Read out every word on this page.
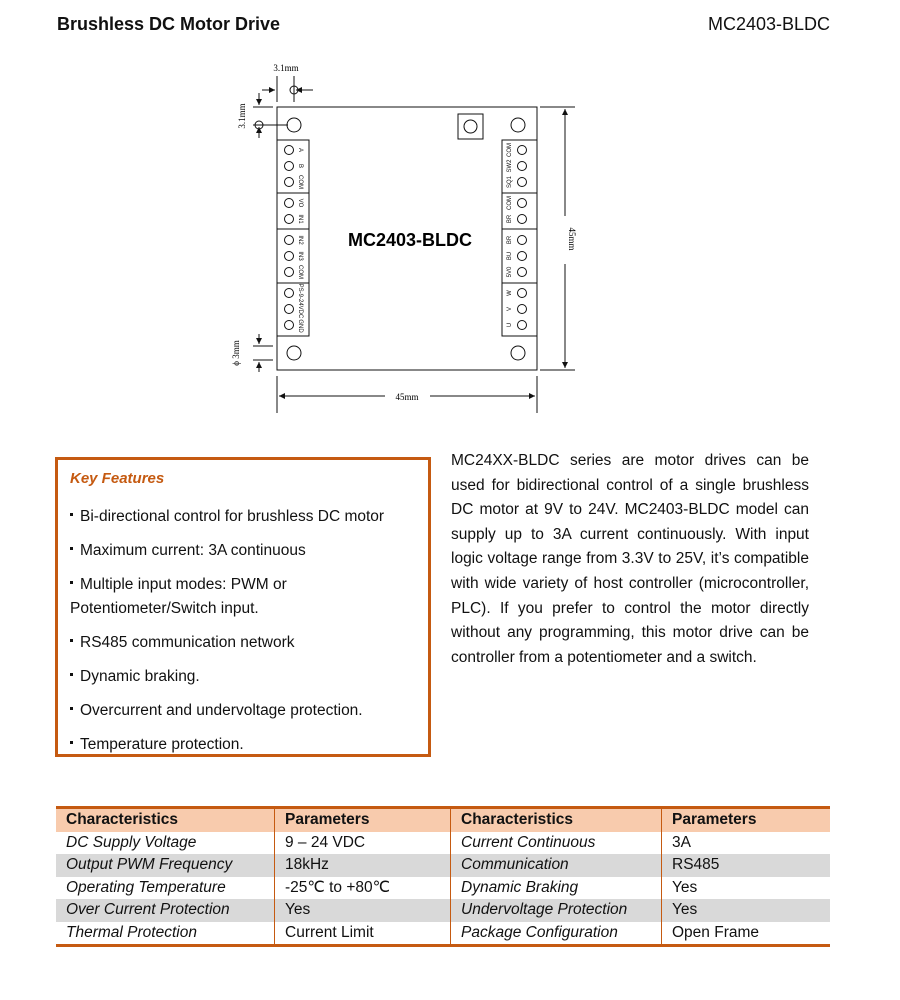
Brushless DC Motor Drive	MC2403-BLDC
3.1mm
3.1mm
ϕ 3mm
45mm
45mm
MC2403-BLDC
A
B
COM
VO
IN1
IN2
IN3
COM
PS-9-24VDC
GND
COM
SW2
SQ1
COM
BR
BR
BU
5V0
W
V
U
Key Features
Bi-directional control for brushless DC motor
Maximum current: 3A continuous
Multiple input modes: PWM or Potentiometer/Switch input.
RS485 communication network
Dynamic braking.
Overcurrent and undervoltage protection.
Temperature protection.
MC24XX-BLDC series are motor drives can be used for bidirectional control of a single brushless DC motor at 9V to 24V. MC2403-BLDC model can supply up to 3A current continuously. With input logic voltage range from 3.3V to 25V, it’s compatible with wide variety of host controller (microcontroller, PLC). If you prefer to control the motor directly without any programming, this motor drive can be controller from a potentiometer and a switch.
Characteristics	Parameters	Characteristics	Parameters
DC Supply Voltage	9 – 24 VDC	Current Continuous	3A
Output PWM Frequency	18kHz	Communication	RS485
Operating Temperature	-25℃ to +80℃	Dynamic Braking	Yes
Over Current Protection	Yes	Undervoltage Protection	Yes
Thermal Protection	Current Limit	Package Configuration	Open Frame
